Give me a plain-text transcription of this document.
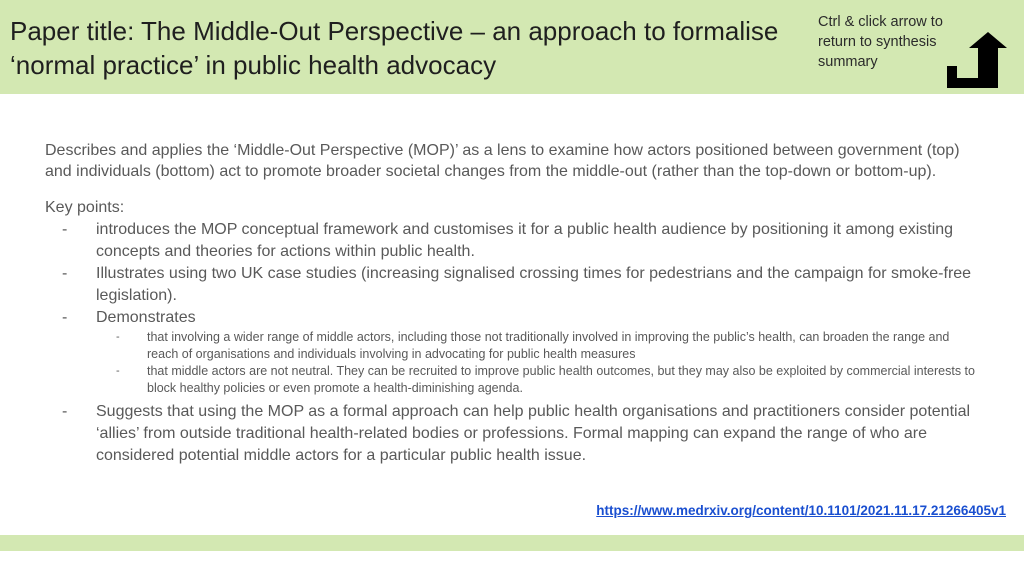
Paper title: The Middle-Out Perspective – an approach to formalise ‘normal practice’ in public health advocacy
Ctrl & click arrow to return to synthesis summary

Describes and applies the ‘Middle-Out Perspective (MOP)’ as a lens to examine how actors positioned between government (top) and individuals (bottom) act to promote broader societal changes from the middle-out (rather than the top-down or bottom-up).

Key points:

- introduces the MOP conceptual framework and customises it for a public health audience by positioning it among existing concepts and theories for actions within public health.
- Illustrates using two UK case studies (increasing signalised crossing times for pedestrians and the campaign for smoke-free legislation).
- Demonstrates
- that involving a wider range of middle actors, including those not traditionally involved in improving the public’s health, can broaden the range and reach of organisations and individuals involving in advocating for public health measures
- that middle actors are not neutral. They can be recruited to improve public health outcomes, but they may also be exploited by commercial interests to block healthy policies or even promote a health-diminishing agenda.
- Suggests that using the MOP as a formal approach can help public health organisations and practitioners consider potential ‘allies’ from outside traditional health-related bodies or professions. Formal mapping can expand the range of who are considered potential middle actors for a particular public health issue.
https://www.medrxiv.org/content/10.1101/2021.11.17.21266405v1
